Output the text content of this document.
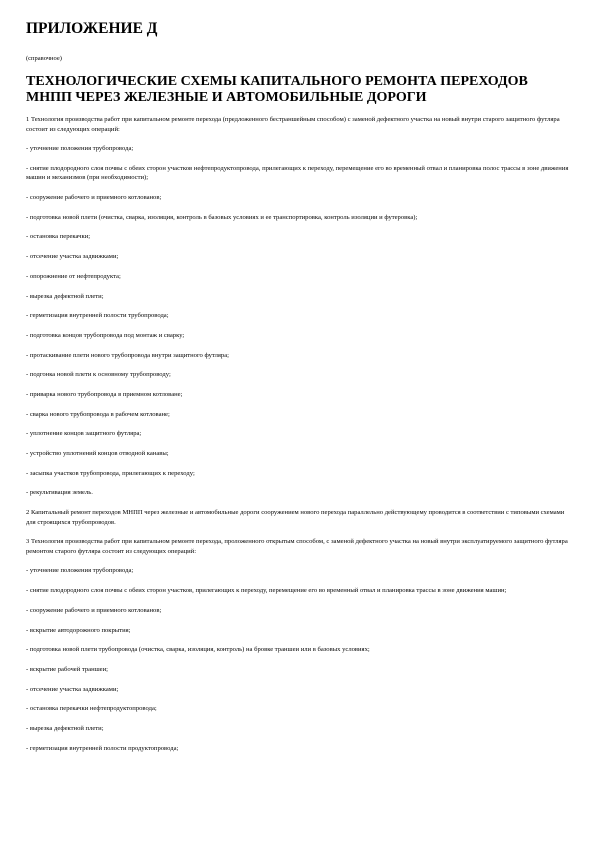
ПРИЛОЖЕНИЕ Д
(справочное)
ТЕХНОЛОГИЧЕСКИЕ СХЕМЫ КАПИТАЛЬНОГО РЕМОНТА ПЕРЕХОДОВ МНПП ЧЕРЕЗ ЖЕЛЕЗНЫЕ И АВТОМОБИЛЬНЫЕ ДОРОГИ

1 Технология производства работ при капитальном ремонте перехода (предложенного бестраншейным способом) с заменой дефектного участка на новый внутри старого защитного футляра состоит из следующих операций:

- уточнение положения трубопровода;

- снятие плодородного слоя почвы с обеих сторон участков нефтепродуктопровода, прилегающих к переходу, перемещение его во временный отвал и планировка полос трассы в зоне движения машин и механизмов (при необходимости);

- сооружение рабочего и приемного котлованов;

- подготовка новой плети (очистка, сварка, изоляция, контроль в базовых условиях и ее транспортировка, контроль изоляции и футеровка);

- остановка перекачки;

- отсечение участка задвижками;

- опорожнение от нефтепродукта;

- вырезка дефектной плети;

- герметизация внутренней полости трубопровода;

- подготовка концов трубопровода под монтаж и сварку;

- протаскивание плети нового трубопровода внутри защитного футляра;

- подгонка новой плети к основному трубопроводу;

- приварка нового трубопровода в приемном котловане;

- сварка нового трубопровода в рабочем котловане;

- уплотнение концов защитного футляра;

- устройство уплотнений концов отводной канавы;

- засыпка участков трубопровода, прилегающих к переходу;

- рекультивация земель.

2 Капитальный ремонт переходов МНПП через железные и автомобильные дороги сооружением нового перехода параллельно действующему проводится в соответствии с типовыми схемами для строящихся трубопроводов.

3 Технология производства работ при капитальном ремонте перехода, проложенного открытым способом, с заменой дефектного участка на новый внутри эксплуатируемого защитного футляра ремонтом старого футляра состоит из следующих операций:

- уточнение положения трубопровода;

- снятие плодородного слоя почвы с обеих сторон участков, прилегающих к переходу, перемещение его во временный отвал и планировка трассы в зоне движения машин;

- сооружение рабочего и приемного котлованов;

- вскрытие автодорожного покрытия;

- подготовка новой плети трубопровода (очистка, сварка, изоляция, контроль) на бровке траншеи или в базовых условиях;

- вскрытие рабочей траншеи;

- отсечение участка задвижками;

- остановка перекачки нефтепродуктопровода;

- вырезка дефектной плети;

- герметизация внутренней полости продуктопровода;
